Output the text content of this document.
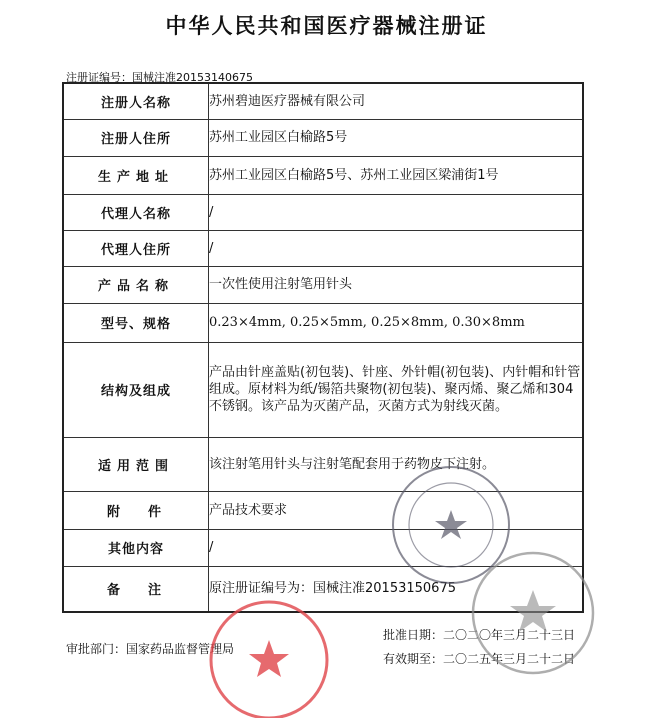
中华人民共和国医疗器械注册证
注册证编号：国械注准20153140675
注册人名称	苏州碧迪医疗器械有限公司
注册人住所	苏州工业园区白榆路5号
生产地址	苏州工业园区白榆路5号、苏州工业园区梁浦街1号
代理人名称	/
代理人住所	/
产品名称	一次性使用注射笔用针头
型号、规格	0.23×4mm, 0.25×5mm, 0.25×8mm, 0.30×8mm
结构及组成	产品由针座盖贴(初包装)、针座、外针帽(初包装)、内针帽和针管组成。原材料为纸/锡箔共聚物(初包装)、聚丙烯、聚乙烯和304不锈钢。该产品为灭菌产品，灭菌方式为射线灭菌。
适用范围	该注射笔用针头与注射笔配套用于药物皮下注射。
附件	产品技术要求
其他内容	/
备注	原注册证编号为：国械注准20153150675
审批部门：国家药品监督管理局
批准日期：二〇二〇年三月二十三日
有效期至：二〇二五年三月二十二日
